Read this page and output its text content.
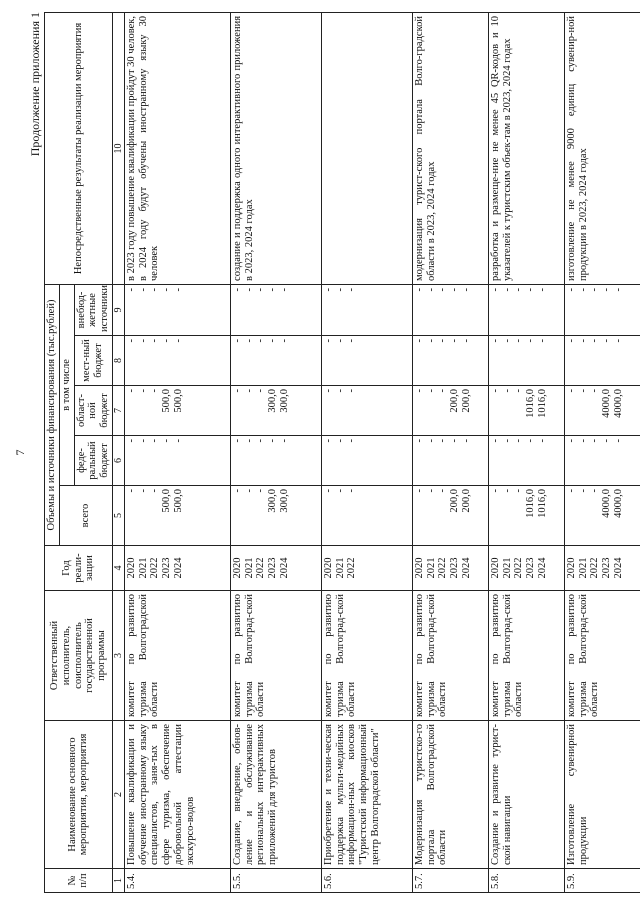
7
Продолжение приложения 1
№
п/п	Наименование основного мероприятия, мероприятия	Ответственный исполнитель, соисполнитель государственной программы	Год реали-зации	Объемы и источники финансирования (тыс.рублей)					Непосредственные результаты реализации мероприятия
				всего	в том числе				
					феде-ральный бюджет	област-ной бюджет	мест-ный бюджет	внебюд-жетные источники	
1	2	3	4	5	6	7	8	9	10
5.4.	Повышение квалификации и обучение иностранному языку специалистов, заня-тых в сфере туризма, обеспечение добровольной аттестации экскурсо-водов	комитет по развитию туризма Волгоградской области	2020
2021
2022
2023
2024	-
-
-
500,0
500,0	-
-
-
-
-	-
-
-
500,0
500,0	-
-
-
-
-	-
-
-
-
-	в 2023 году повышение квалификации пройдут 30 человек, в 2024 году будут обучены иностранному языку 30 человек
5.5.	Создание, внедрение, обнов-ление и обслуживание региональных интерактивных приложений для туристов	комитет по развитию туризма Волгоград-ской области	2020
2021
2022
2023
2024	-
-
-
300,0
300,0	-
-
-
-
-	-
-
-
300,0
300,0	-
-
-
-
-	-
-
-
-
-	создание и поддержка одного интерактивного приложения в 2023, 2024 годах
5.6.	Приобретение и техни-ческая поддержка мульти-медийных информацион-ных киосков "Туристский информационный центр Волгоградской области"	комитет по развитию туризма Волгоград-ской области	2020
2021
2022	-
-
-	-
-
-	-
-
-	-
-
-	-
-
-	
5.7.	Модернизация туристско-го портала Волгоградской области	комитет по развитию туризма Волгоград-ской области	2020
2021
2022
2023
2024	-
-
-
200,0
200,0	-
-
-
-
-	-
-
-
200,0
200,0	-
-
-
-
-	-
-
-
-
-	модернизация турист-ского портала Волго-градской области в 2023, 2024 годах
5.8.	Создание и развитие турист-ской навигации	комитет по развитию туризма Волгоград-ской области	2020
2021
2022
2023
2024	-
-
-
1016,0
1016,0	-
-
-
-
-	-
-
-
1016,0
1016,0	-
-
-
-
-	-
-
-
-
-	разработка и размеще-ние не менее 45 QR-кодов и 10 указателей к туристским объек-там в 2023, 2024 годах
5.9.	Изготовление сувенирной продукции	комитет по развитию туризма Волгоград-ской области	2020
2021
2022
2023
2024	-
-
-
4000,0
4000,0	-
-
-
-
-	-
-
-
4000,0
4000,0	-
-
-
-
-	-
-
-
-
-	изготовление не менее 9000 единиц сувенир-ной продукции в 2023, 2024 годах
